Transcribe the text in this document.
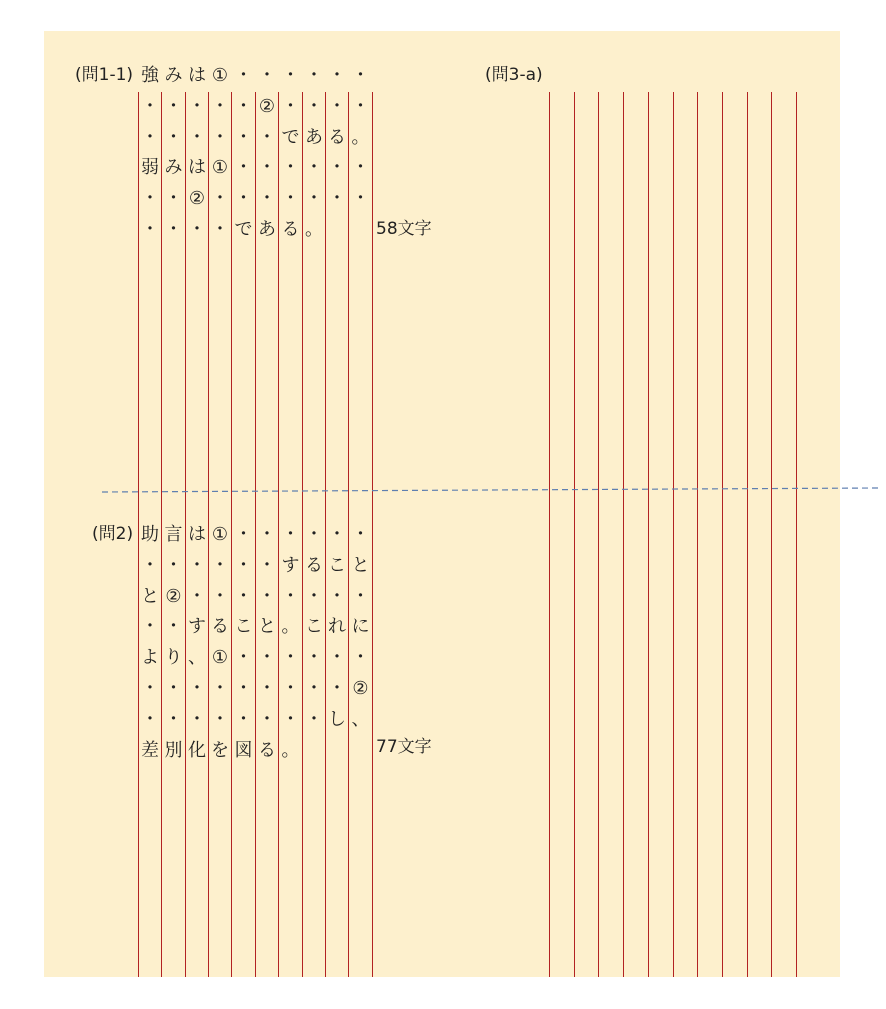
(問1-1) 強 み は ① ・ ・ ・ ・ ・ ・
・ ・ ・ ・ ・ ② ・ ・ ・ ・
・ ・ ・ ・ ・ ・ で あ る 。
弱 み は ① ・ ・ ・ ・ ・ ・
・ ・ ② ・ ・ ・ ・ ・ ・ ・
・ ・ ・ ・ で あ る 。	58文字
(問2) 助 言 は ① ・ ・ ・ ・ ・ ・
・ ・ ・ ・ ・ ・ す る こ と
と ② ・ ・ ・ ・ ・ ・ ・ ・
・ ・ す る こ と 。 こ れ に
よ り 、 ① ・ ・ ・ ・ ・ ・
・ ・ ・ ・ ・ ・ ・ ・ ・ ②
・ ・ ・ ・ ・ ・ ・ ・ し 、
差 別 化 を 図 る 。	77文字
(問3-a)
